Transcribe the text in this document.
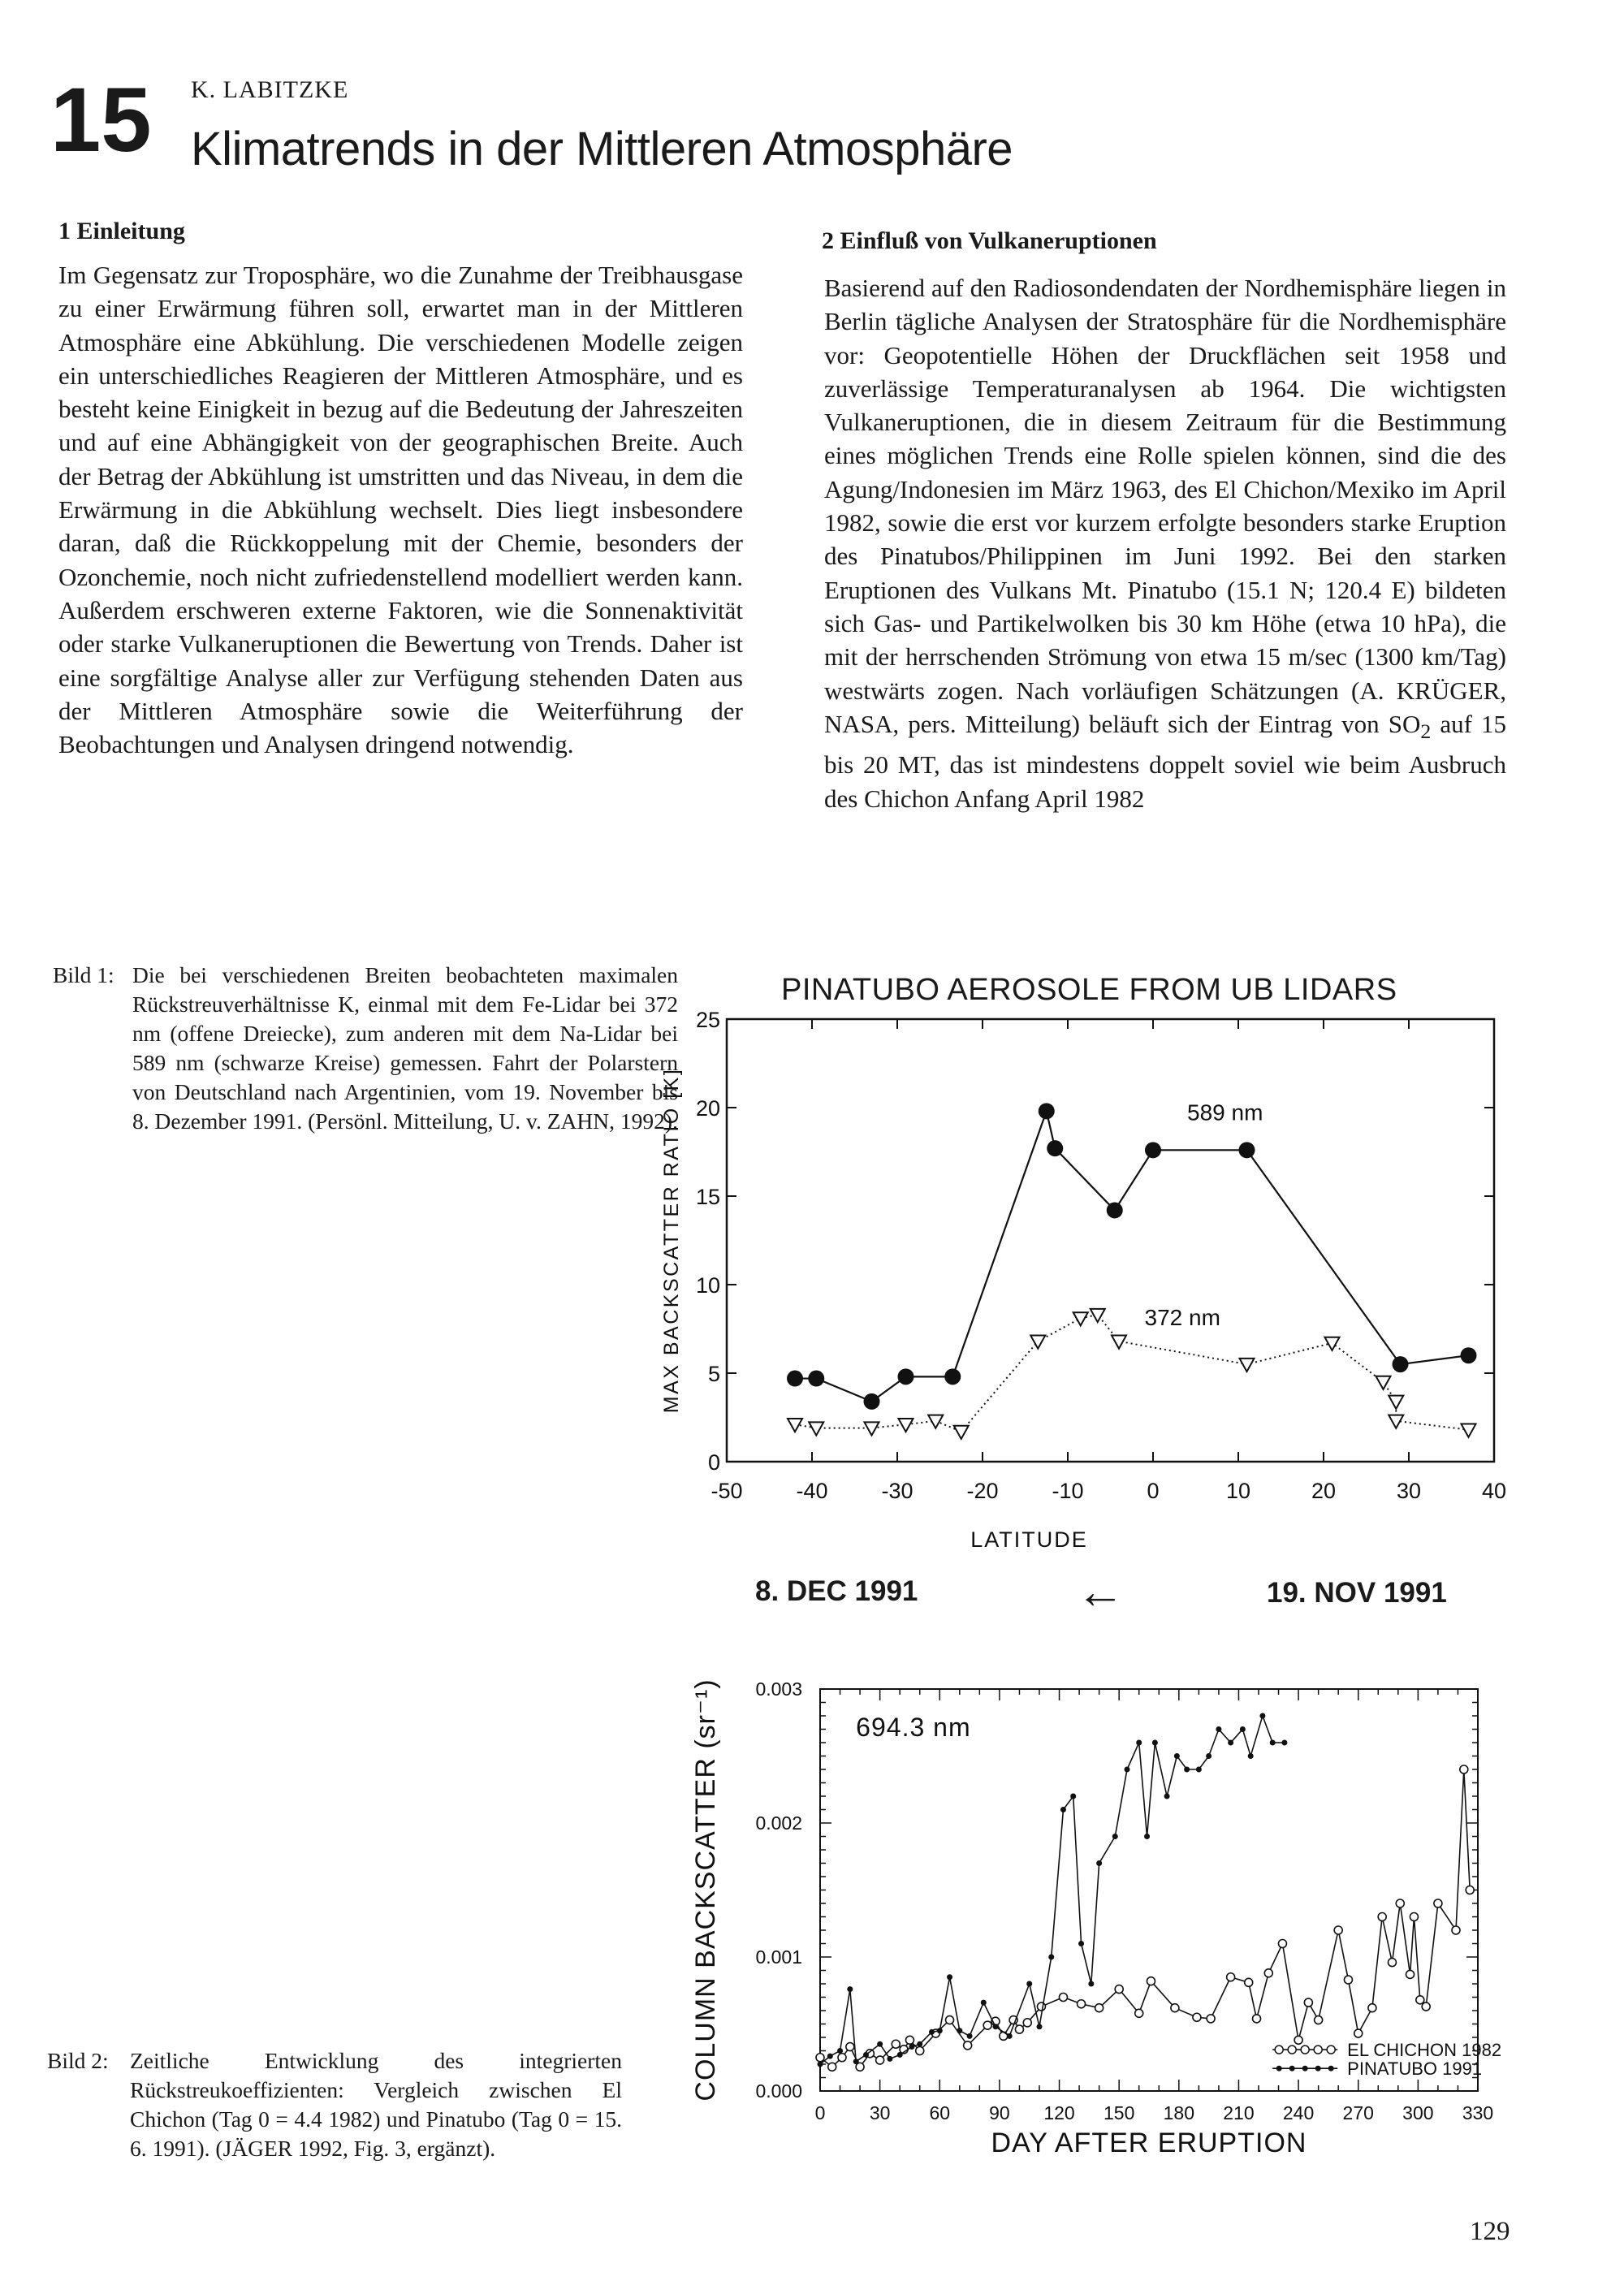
15 K. LABITZKE
Klimatrends in der Mittleren Atmosphäre
1 Einleitung

Im Gegensatz zur Troposphäre, wo die Zunahme der Treibhausgase zu einer Erwärmung führen soll, erwartet man in der Mittleren Atmosphäre eine Abkühlung. Die verschiedenen Modelle zeigen ein unterschiedliches Reagieren der Mittleren Atmosphäre, und es besteht keine Einigkeit in bezug auf die Bedeutung der Jahreszeiten und auf eine Abhängigkeit von der geographischen Breite. Auch der Betrag der Abkühlung ist umstritten und das Niveau, in dem die Erwärmung in die Abkühlung wechselt. Dies liegt insbesondere daran, daß die Rückkoppelung mit der Chemie, besonders der Ozonchemie, noch nicht zufriedenstellend modelliert werden kann. Außerdem erschweren externe Faktoren, wie die Sonnenaktivität oder starke Vulkaneruptionen die Bewertung von Trends. Daher ist eine sorgfältige Analyse aller zur Verfügung stehenden Daten aus der Mittleren Atmosphäre sowie die Weiterführung der Beobachtungen und Analysen dringend notwendig.

2 Einfluß von Vulkaneruptionen

Basierend auf den Radiosondendaten der Nordhemisphäre liegen in Berlin tägliche Analysen der Stratosphäre für die Nordhemisphäre vor: Geopotentielle Höhen der Druckflächen seit 1958 und zuverlässige Temperaturanalysen ab 1964. Die wichtigsten Vulkaneruptionen, die in diesem Zeitraum für die Bestimmung eines möglichen Trends eine Rolle spielen können, sind die des Agung/Indonesien im März 1963, des El Chichon/Mexiko im April 1982, sowie die erst vor kurzem erfolgte besonders starke Eruption des Pinatubos/Philippinen im Juni 1992. Bei den starken Eruptionen des Vulkans Mt. Pinatubo (15.1 N; 120.4 E) bildeten sich Gas- und Partikelwolken bis 30 km Höhe (etwa 10 hPa), die mit der herrschenden Strömung von etwa 15 m/sec (1300 km/Tag) westwärts zogen. Nach vorläufigen Schätzungen (A. KRÜGER, NASA, pers. Mitteilung) beläuft sich der Eintrag von $SO_2$ auf 15 bis 20 MT, das ist mindestens doppelt soviel wie beim Ausbruch des Chichon Anfang April 1982

Bild 1: Die bei verschiedenen Breiten beobachteten maximalen Rückstreuverhältnisse K, einmal mit dem Fe-Lidar bei 372 nm (offene Dreiecke), zum anderen mit dem Na-Lidar bei 589 nm (schwarze Kreise) gemessen. Fahrt der Polarstern von Deutschland nach Argentinien, vom 19. November bis 8. Dezember 1991. (Persönl. Mitteilung, U. v. ZAHN, 1992).
PINATUBO AEROSOLE FROM UB LIDARS
-50 -40 -30 -20 -10	0	10	20	30	40
0
5
10
15
20
25
LATITUDE
MAX BACKSCATTER RATIO [K]	589 nm
372 nm
8. DEC 1991	←	19. NOV 1991
Bild 2: Zeitliche Entwicklung des integrierten Rückstreukoeffizienten: Vergleich zwischen El Chichon (Tag 0 = 4.4 1982) und Pinatubo (Tag 0 = 15. 6. 1991). (JÄGER 1992, Fig. 3, ergänzt).
0 30 60 90 120 150 180 210 240 270 300 330
0.000
0.001
0.002
0.003
DAY AFTER ERUPTION
COLUMN BACKSCATTER (sr⁻¹)	694.3 nm
EL CHICHON 1982
PINATUBO 1991
129
